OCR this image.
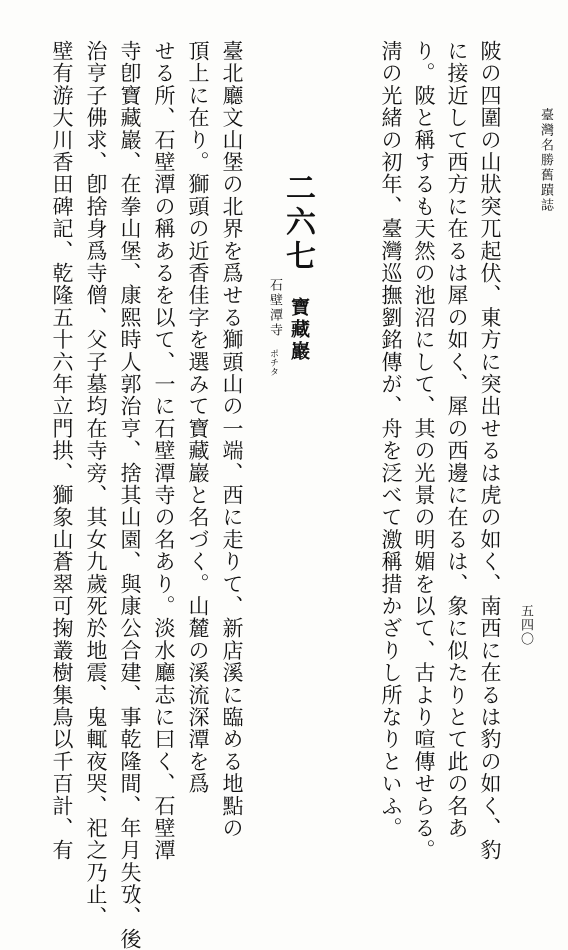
臺灣名勝舊蹟誌
五四〇
陂の四圍の山狀突兀起伏、東方に突出せるは虎の如く、南西に在るは豹の如く、豹
に接近して西方に在るは犀の如く、犀の西邊に在るは、象に似たりとて此の名あ
り。陂と稱するも天然の池沼にして、其の光景の明媚を以て、古より喧傳せらる。
淸の光緒の初年、臺灣巡撫劉銘傳が、舟を泛べて激稱措かざりし所なりといふ。
二六七
寶藏巖
石壁潭寺
ポチタ
臺北廳文山堡の北界を爲せる獅頭山の一端、西に走りて、新店溪に臨める地點の
頂上に在り。獅頭の近香佳字を選みて寶藏巖と名づく。山麓の溪流深潭を爲
せる所、石壁潭の稱あるを以て、一に石壁潭寺の名あり。淡水廳志に曰く、石壁潭
寺卽寶藏巖、在拳山堡、康熙時人郭治亨、捨其山園、與康公合建、事乾隆間、年月失攷、後
治亨子佛求、卽捨身爲寺僧、父子墓均在寺旁、其女九歲死於地震、鬼輒夜哭、祀之乃止、
壁有游大川香田碑記、乾隆五十六年立門拱、獅象山蒼翠可掬叢樹集鳥以千百計、有
